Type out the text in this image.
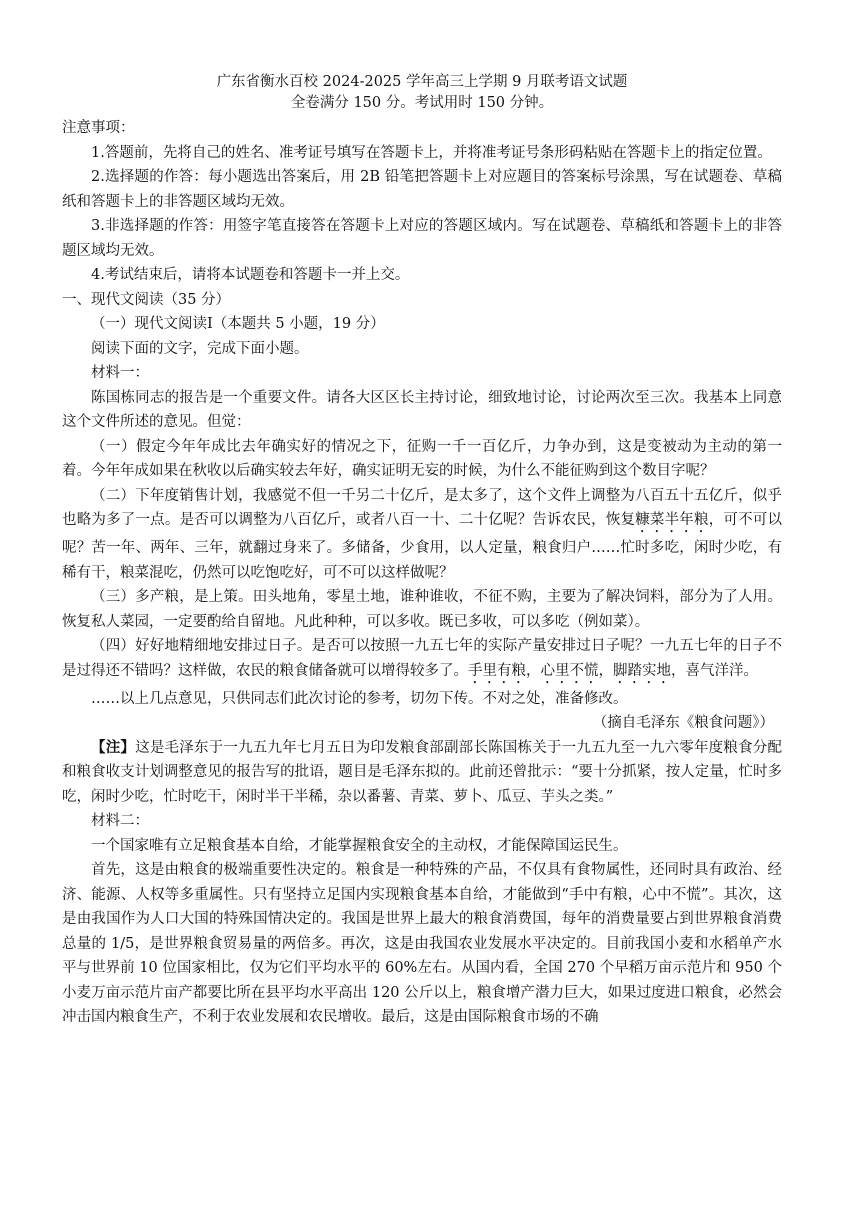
广东省衡水百校 2024-2025 学年高三上学期 9 月联考语文试题
全卷满分 150 分。考试用时 150 分钟。

注意事项：

1.答题前，先将自己的姓名、准考证号填写在答题卡上，并将准考证号条形码粘贴在答题卡上的指定位置。

2.选择题的作答：每小题选出答案后，用 2B 铅笔把答题卡上对应题目的答案标号涂黑，写在试题卷、草稿纸和答题卡上的非答题区域均无效。

3.非选择题的作答：用签字笔直接答在答题卡上对应的答题区域内。写在试题卷、草稿纸和答题卡上的非答题区域均无效。

4.考试结束后，请将本试题卷和答题卡一并上交。

一、现代文阅读（35 分）

（一）现代文阅读Ⅰ（本题共 5 小题，19 分）

阅读下面的文字，完成下面小题。

材料一：

陈国栋同志的报告是一个重要文件。请各大区区长主持讨论，细致地讨论，讨论两次至三次。我基本上同意这个文件所述的意见。但觉：

（一）假定今年年成比去年确实好的情况之下，征购一千一百亿斤，力争办到，这是变被动为主动的第一着。今年年成如果在秋收以后确实较去年好，确实证明无妄的时候，为什么不能征购到这个数目字呢？

（二）下年度销售计划，我感觉不但一千另二十亿斤，是太多了，这个文件上调整为八百五十五亿斤，似乎也略为多了一点。是否可以调整为八百亿斤，或者八百一十、二十亿呢？告诉农民，恢复糠菜半年粮，可不可以呢？苦一年、两年、三年，就翻过身来了。多储备，少食用，以人定量，粮食归户……忙时多吃，闲时少吃，有稀有干，粮菜混吃，仍然可以吃饱吃好，可不可以这样做呢？

（三）多产粮，是上策。田头地角，零星土地，谁种谁收，不征不购，主要为了解决饲料，部分为了人用。恢复私人菜园，一定要酌给自留地。凡此种种，可以多收。既已多收，可以多吃（例如菜）。

（四）好好地精细地安排过日子。是否可以按照一九五七年的实际产量安排过日子呢？一九五七年的日子不是过得还不错吗？这样做，农民的粮食储备就可以增得较多了。手里有粮，心里不慌，脚踏实地，喜气洋洋。

……以上几点意见，只供同志们此次讨论的参考，切勿下传。不对之处，准备修改。

（摘自毛泽东《粮食问题》）

【注】这是毛泽东于一九五九年七月五日为印发粮食部副部长陈国栋关于一九五九至一九六零年度粮食分配和粮食收支计划调整意见的报告写的批语，题目是毛泽东拟的。此前还曾批示：“要十分抓紧，按人定量，忙时多吃，闲时少吃，忙时吃干，闲时半干半稀，杂以番薯、青菜、萝卜、瓜豆、芋头之类。”

材料二：

一个国家唯有立足粮食基本自给，才能掌握粮食安全的主动权，才能保障国运民生。

首先，这是由粮食的极端重要性决定的。粮食是一种特殊的产品，不仅具有食物属性，还同时具有政治、经济、能源、人权等多重属性。只有坚持立足国内实现粮食基本自给，才能做到“手中有粮，心中不慌”。其次，这是由我国作为人口大国的特殊国情决定的。我国是世界上最大的粮食消费国，每年的消费量要占到世界粮食消费总量的 1/5，是世界粮食贸易量的两倍多。再次，这是由我国农业发展水平决定的。目前我国小麦和水稻单产水平与世界前 10 位国家相比，仅为它们平均水平的 60%左右。从国内看，全国 270 个早稻万亩示范片和 950 个小麦万亩示范片亩产都要比所在县平均水平高出 120 公斤以上，粮食增产潜力巨大，如果过度进口粮食，必然会冲击国内粮食生产，不利于农业发展和农民增收。最后，这是由国际粮食市场的不确
